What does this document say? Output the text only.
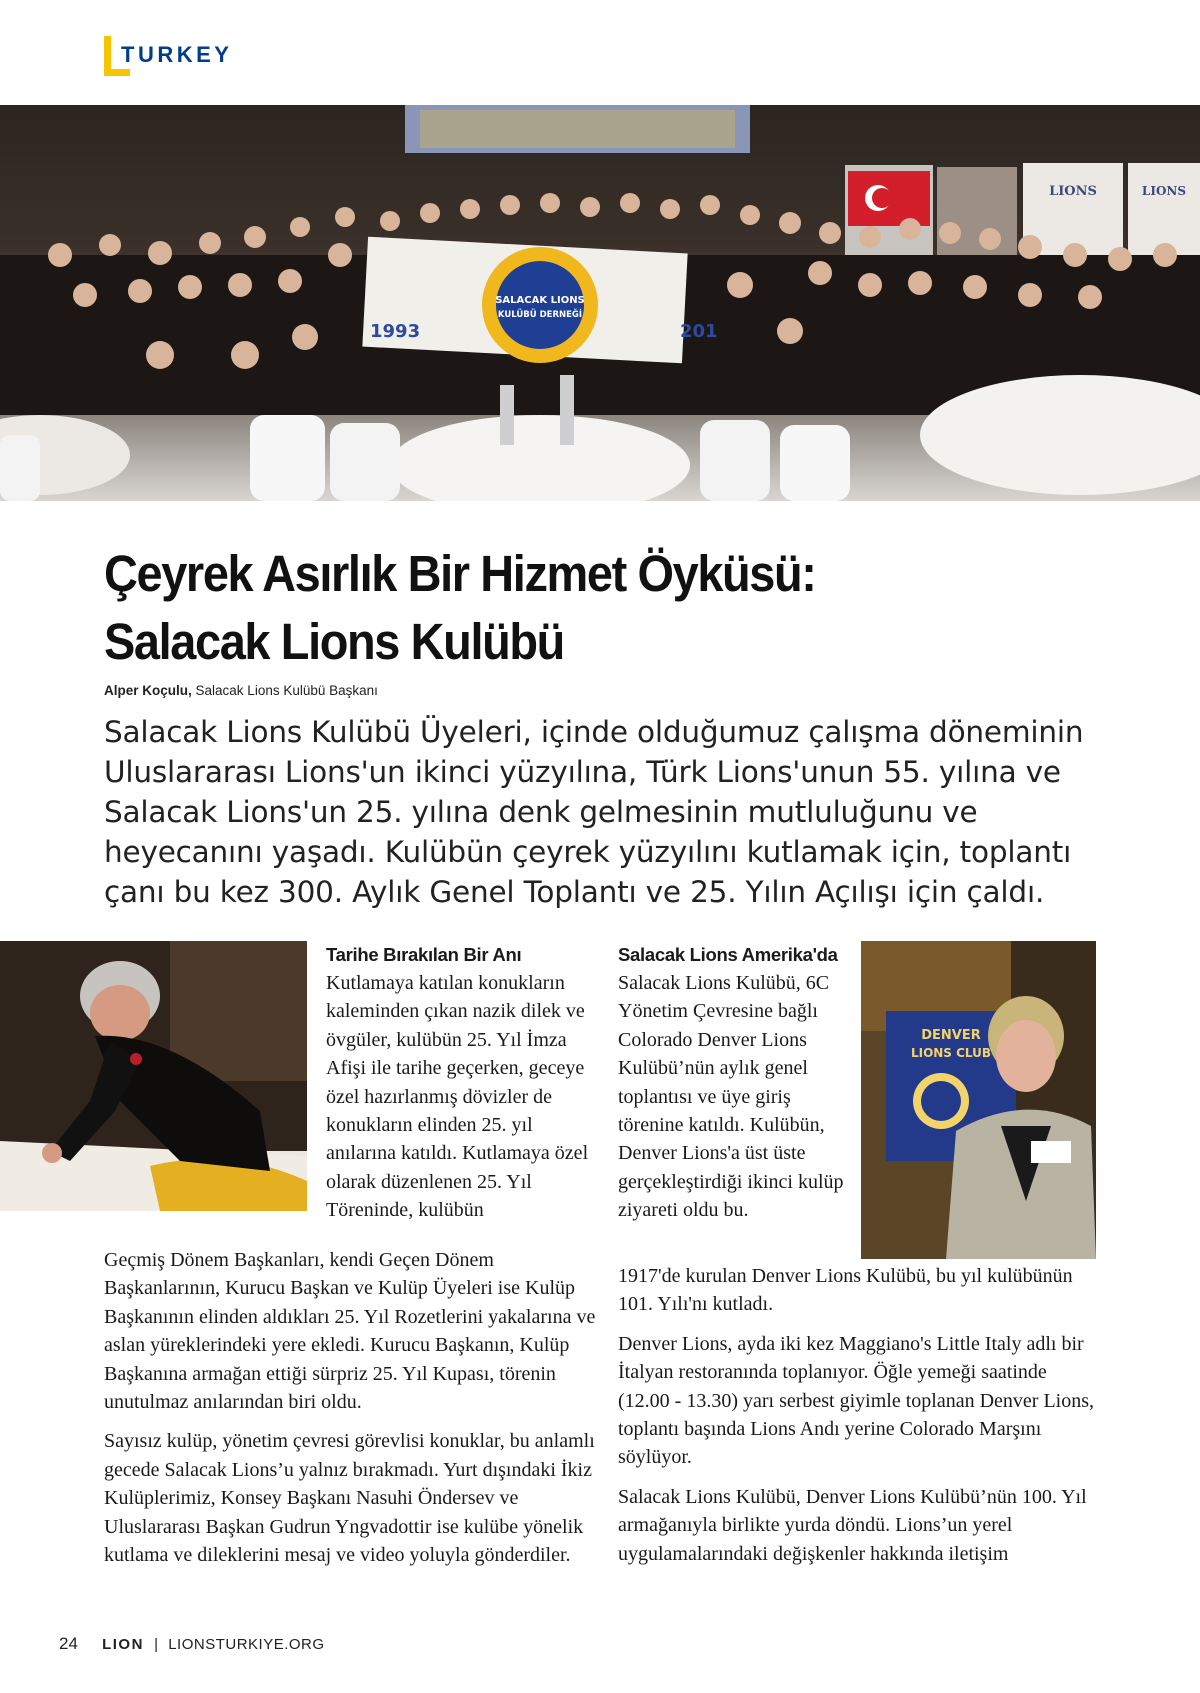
TURKEY
LIONS	LIONS
1993	201
SALACAK LIONS
KULÜBÜ DERNEĞİ
Çeyrek Asırlık Bir Hizmet Öyküsü:
Salacak Lions Kulübü
Alper Koçulu, Salacak Lions Kulübü Başkanı
Salacak Lions Kulübü Üyeleri, içinde olduğumuz çalışma döneminin Uluslararası Lions'un ikinci yüzyılına, Türk Lions'unun 55. yılına ve Salacak Lions'un 25. yılına denk gelmesinin mutluluğunu ve heyecanını yaşadı. Kulübün çeyrek yüzyılını kutlamak için, toplantı çanı bu kez 300. Aylık Genel Toplantı ve 25. Yılın Açılışı için çaldı.
DENVER
LIONS CLUB
Tarihe Bırakılan Bir Anı
Kutlamaya katılan konukların kaleminden çıkan nazik dilek ve övgüler, kulübün 25. Yıl İmza Afişi ile tarihe geçerken, geceye özel hazırlanmış dövizler de konukların elinden 25. yıl anılarına katıldı. Kutlamaya özel olarak düzenlenen 25. Yıl Töreninde, kulübün

Geçmiş Dönem Başkanları, kendi Geçen Dönem Başkanlarının, Kurucu Başkan ve Kulüp Üyeleri ise Kulüp Başkanının elinden aldıkları 25. Yıl Rozetlerini yakalarına ve aslan yüreklerindeki yere ekledi. Kurucu Başkanın, Kulüp Başkanına armağan ettiği sürpriz 25. Yıl Kupası, törenin unutulmaz anılarından biri oldu.

Sayısız kulüp, yönetim çevresi görevlisi konuklar, bu anlamlı gecede Salacak Lions’u yalnız bırakmadı. Yurt dışındaki İkiz Kulüplerimiz, Konsey Başkanı Nasuhi Öndersev ve Uluslararası Başkan Gudrun Yngvadottir ise kulübe yönelik kutlama ve dileklerini mesaj ve video yoluyla gönderdiler.

Salacak Lions Amerika'da
Salacak Lions Kulübü, 6C Yönetim Çevresine bağlı Colorado Denver Lions Kulübü’nün aylık genel toplantısı ve üye giriş törenine katıldı. Kulübün, Denver Lions'a üst üste gerçekleştirdiği ikinci kulüp ziyareti oldu bu.

1917'de kurulan Denver Lions Kulübü, bu yıl kulübünün 101. Yılı'nı kutladı.

Denver Lions, ayda iki kez Maggiano's Little Italy adlı bir İtalyan restoranında toplanıyor. Öğle yemeği saatinde (12.00 - 13.30) yarı serbest giyimle toplanan Denver Lions, toplantı başında Lions Andı yerine Colorado Marşını söylüyor.

Salacak Lions Kulübü, Denver Lions Kulübü’nün 100. Yıl armağanıyla birlikte yurda döndü. Lions’un yerel uygulamalarındaki değişkenler hakkında iletişim

24 LION | LIONSTURKIYE.ORG
